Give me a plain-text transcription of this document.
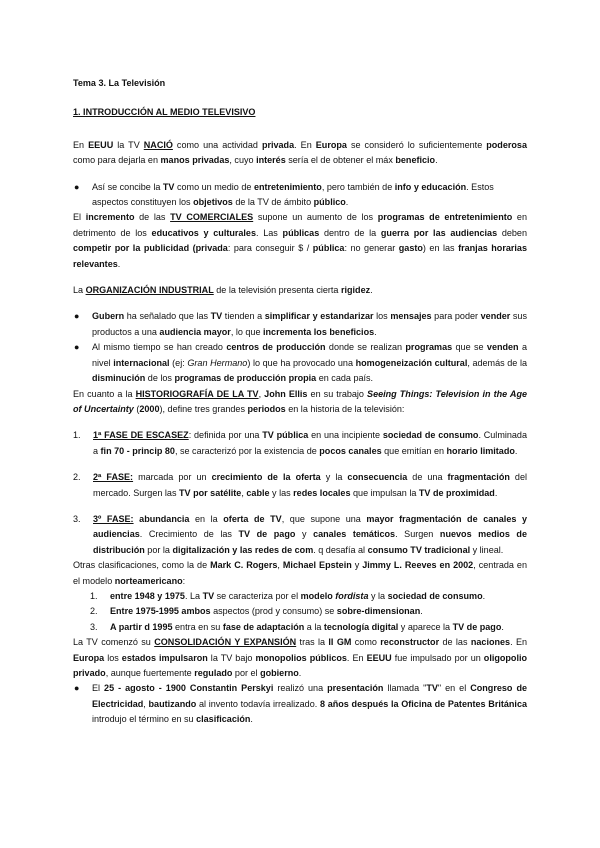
Tema 3. La Televisión

1. INTRODUCCIÓN AL MEDIO TELEVISIVO

En EEUU la TV NACIÓ como una actividad privada. En Europa se consideró lo suficientemente poderosa como para dejarla en manos privadas, cuyo interés sería el de obtener el máx beneficio.

● Así se concibe la TV como un medio de entretenimiento, pero también de info y educación. Estos aspectos constituyen los objetivos de la TV de ámbito público.

El incremento de las TV COMERCIALES supone un aumento de los programas de entretenimiento en detrimento de los educativos y culturales. Las públicas dentro de la guerra por las audiencias deben competir por la publicidad (privada: para conseguir $ / pública: no generar gasto) en las franjas horarias relevantes.

La ORGANIZACIÓN INDUSTRIAL de la televisión presenta cierta rigidez.

● Gubern ha señalado que las TV tienden a simplificar y estandarizar los mensajes para poder vender sus productos a una audiencia mayor, lo que incrementa los beneficios.
● Al mismo tiempo se han creado centros de producción donde se realizan programas que se venden a nivel internacional (ej: Gran Hermano) lo que ha provocado una homogeneización cultural, además de la disminución de los programas de producción propia en cada país.

En cuanto a la HISTORIOGRAFÍA DE LA TV, John Ellis en su trabajo Seeing Things: Television in the Age of Uncertainty (2000), define tres grandes periodos en la historia de la televisión:

1. 1ª FASE DE ESCASEZ: definida por una TV pública en una incipiente sociedad de consumo. Culminada a fin 70 - princip 80, se caracterizó por la existencia de pocos canales que emitían en horario limitado.
2. 2ª FASE: marcada por un crecimiento de la oferta y la consecuencia de una fragmentación del mercado. Surgen las TV por satélite, cable y las redes locales que impulsan la TV de proximidad.
3. 3º FASE: abundancia en la oferta de TV, que supone una mayor fragmentación de canales y audiencias. Crecimiento de las TV de pago y canales temáticos. Surgen nuevos medios de distribución por la digitalización y las redes de com. q desafía al consumo TV tradicional y lineal.

Otras clasificaciones, como la de Mark C. Rogers, Michael Epstein y Jimmy L. Reeves en 2002, centrada en el modelo norteamericano:

1. entre 1948 y 1975. La TV se caracteriza por el modelo fordista y la sociedad de consumo.
2. Entre 1975-1995 ambos aspectos (prod y consumo) se sobre-dimensionan.
3. A partir d 1995 entra en su fase de adaptación a la tecnología digital y aparece la TV de pago.

La TV comenzó su CONSOLIDACIÓN Y EXPANSIÓN tras la II GM como reconstructor de las naciones. En Europa los estados impulsaron la TV bajo monopolios públicos. En EEUU fue impulsado por un oligopolio privado, aunque fuertemente regulado por el gobierno.

● El 25 - agosto - 1900 Constantin Perskyi realizó una presentación llamada "TV" en el Congreso de Electricidad, bautizando al invento todavía irrealizado. 8 años después la Oficina de Patentes Británica introdujo el término en su clasificación.
